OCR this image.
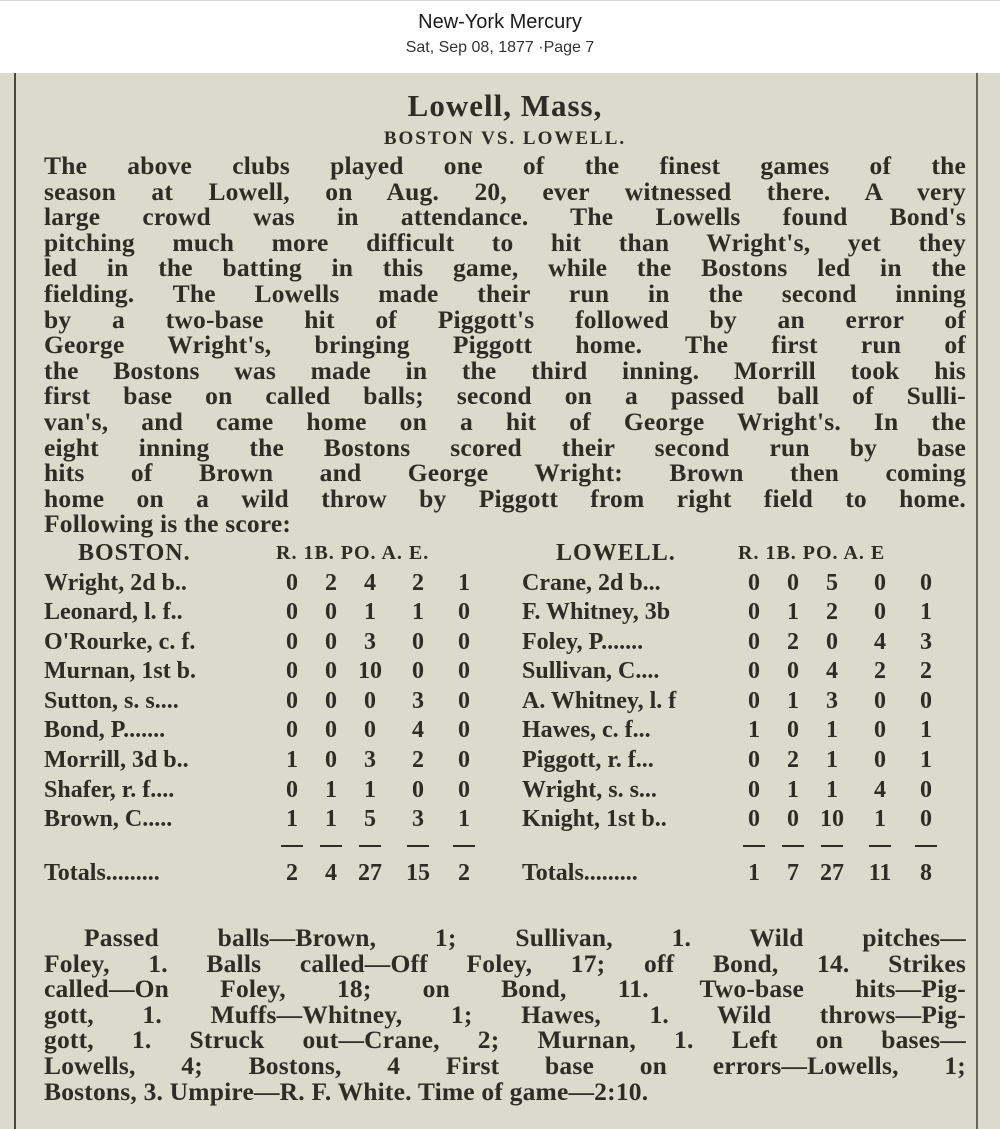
New-York Mercury
Sat, Sep 08, 1877 ·Page 7
Lowell, Mass,
BOSTON VS. LOWELL.
The above clubs played one of the finest games of the
season at Lowell, on Aug. 20, ever witnessed there. A very
large crowd was in attendance. The Lowells found Bond's
pitching much more difficult to hit than Wright's, yet they
led in the batting in this game, while the Bostons led in the
fielding. The Lowells made their run in the second inning
by a two-base hit of Piggott's followed by an error of
George Wright's, bringing Piggott home. The first run of
the Bostons was made in the third inning. Morrill took his
first base on called balls; second on a passed ball of Sulli-
van's, and came home on a hit of George Wright's. In the
eight inning the Bostons scored their second run by base
hits of Brown and George Wright: Brown then coming
home on a wild throw by Piggott from right field to home.
Following is the score:
BOSTON.	R. 1B. PO. A. E.
Wright, 2d b..	0	2	4	2	1
Leonard, l. f..	0	0	1	1	0
O'Rourke, c. f.	0	0	3	0	0
Murnan, 1st b.	0	0 10	0	0
Sutton, s. s....	0	0	0	3	0
Bond, P.......	0	0	0	4	0
Morrill, 3d b..	1	0	3	2	0
Shafer, r. f....	0	1	1	0	0
Brown, C.....	1	1	5	3	1
Totals.........	2	4 27 15	2
LOWELL.	R. 1B. PO. A. E
Crane, 2d b...	0	0	5	0	0
F. Whitney, 3b	0	1	2	0	1
Foley, P.......	0	2	0	4	3
Sullivan, C....	0	0	4	2	2
A. Whitney, l. f	0	1	3	0	0
Hawes, c. f...	1	0	1	0	1
Piggott, r. f...	0	2	1	0	1
Wright, s. s...	0	1	1	4	0
Knight, 1st b..	0	0 10	1	0
Totals.........	1	7 27 11	8
Passed balls—Brown, 1; Sullivan, 1. Wild pitches—
Foley, 1. Balls called—Off Foley, 17; off Bond, 14. Strikes
called—On Foley, 18; on Bond, 11. Two-base hits—Pig-
gott, 1. Muffs—Whitney, 1; Hawes, 1. Wild throws—Pig-
gott, 1. Struck out—Crane, 2; Murnan, 1. Left on bases—
Lowells, 4; Bostons, 4 First base on errors—Lowells, 1;
Bostons, 3. Umpire—R. F. White. Time of game—2:10.
